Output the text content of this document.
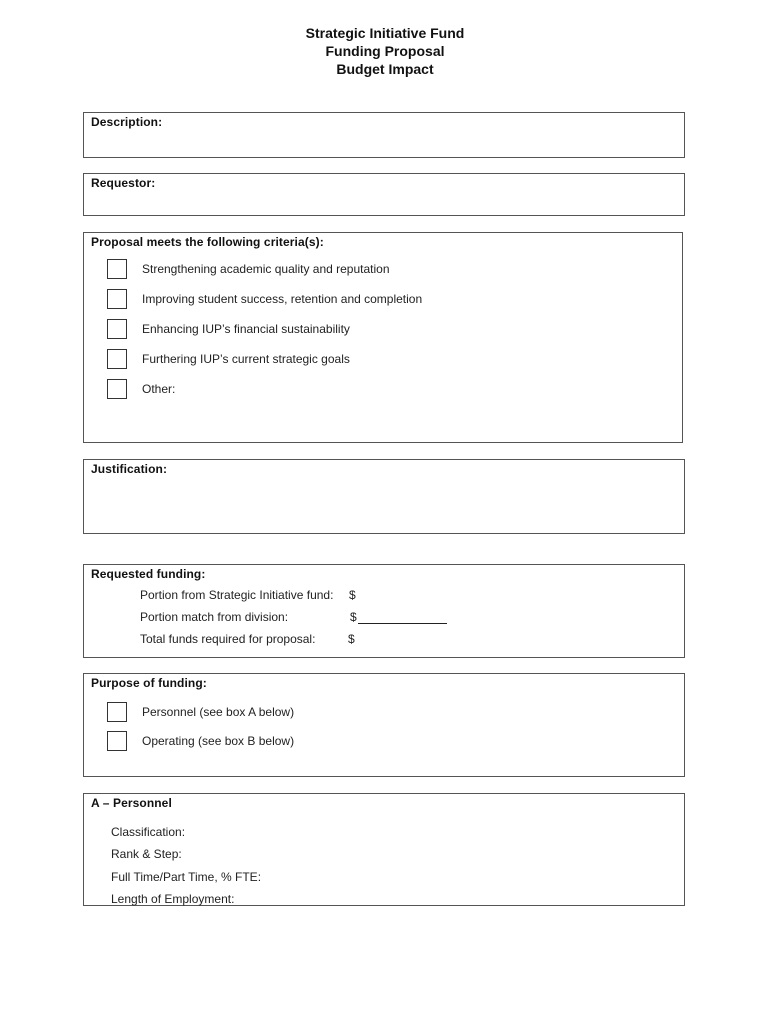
Strategic Initiative Fund
Funding Proposal
Budget Impact
Description:
Requestor:
Proposal meets the following criteria(s):
Strengthening academic quality and reputation
Improving student success, retention and completion
Enhancing IUP’s financial sustainability
Furthering IUP’s current strategic goals
Other:
Justification:
Requested funding:
Portion from Strategic Initiative fund: $
Portion match from division:	$
Total funds required for proposal:	$
Purpose of funding:
Personnel (see box A below)
Operating (see box B below)
A – Personnel
Classification:
Rank & Step:
Full Time/Part Time, % FTE:
Length of Employment:
